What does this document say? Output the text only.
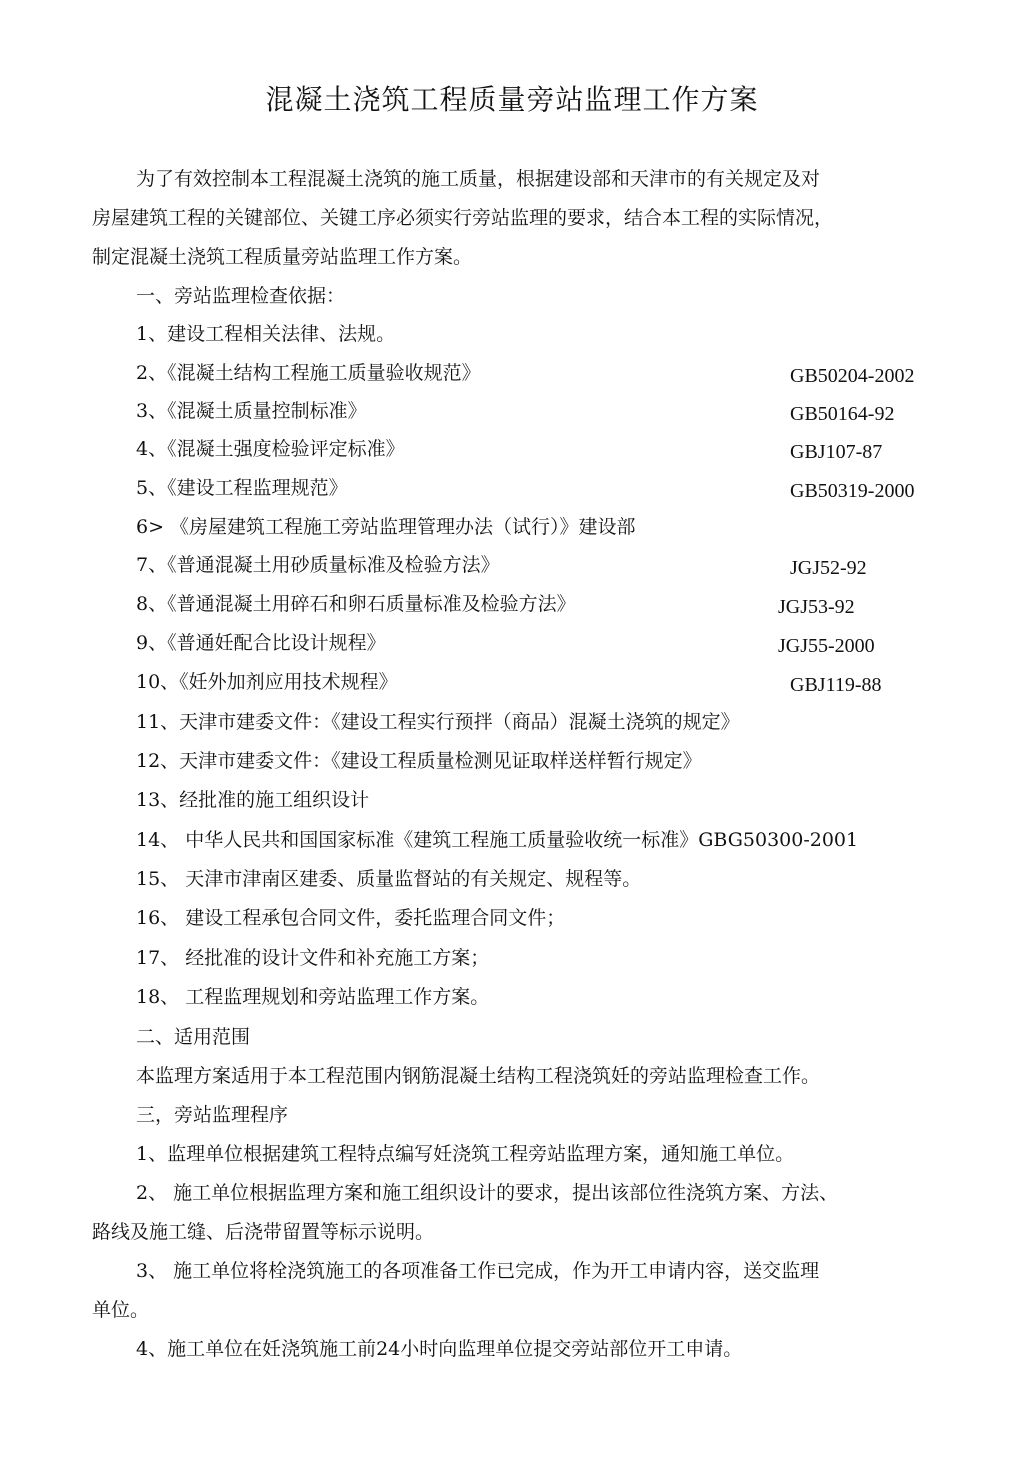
混凝土浇筑工程质量旁站监理工作方案
为了有效控制本工程混凝土浇筑的施工质量，根据建设部和天津市的有关规定及对
房屋建筑工程的关键部位、关键工序必须实行旁站监理的要求，结合本工程的实际情况，
制定混凝土浇筑工程质量旁站监理工作方案。
一、旁站监理检查依据：
1、建设工程相关法律、法规。
2、《混凝土结构工程施工质量验收规范》	GB50204-2002
3、《混凝土质量控制标准》	GB50164-92
4、《混凝土强度检验评定标准》	GBJ107-87
5、《建设工程监理规范》	GB50319-2000
6> 《房屋建筑工程施工旁站监理管理办法（试行）》建设部
7、《普通混凝土用砂质量标准及检验方法》	JGJ52-92
8、《普通混凝土用碎石和卵石质量标准及检验方法》	JGJ53-92
9、《普通妊配合比设计规程》	JGJ55-2000
10、《妊外加剂应用技术规程》	GBJ119-88
11、天津市建委文件：《建设工程实行预拌（商品）混凝土浇筑的规定》
12、天津市建委文件：《建设工程质量检测见证取样送样暂行规定》
13、经批准的施工组织设计
14、 中华人民共和国国家标准《建筑工程施工质量验收统一标准》GBG50300-2001
15、 天津市津南区建委、质量监督站的有关规定、规程等。
16、 建设工程承包合同文件，委托监理合同文件；
17、 经批准的设计文件和补充施工方案；
18、 工程监理规划和旁站监理工作方案。
二、适用范围
本监理方案适用于本工程范围内钢筋混凝土结构工程浇筑妊的旁站监理检查工作。
三，旁站监理程序
1、监理单位根据建筑工程特点编写妊浇筑工程旁站监理方案，通知施工单位。
2、 施工单位根据监理方案和施工组织设计的要求，提出该部位徃浇筑方案、方法、
路线及施工缝、后浇带留置等标示说明。
3、 施工单位将栓浇筑施工的各项准备工作已完成，作为开工申请内容，送交监理
单位。
4、施工单位在妊浇筑施工前24小时向监理单位提交旁站部位开工申请。
